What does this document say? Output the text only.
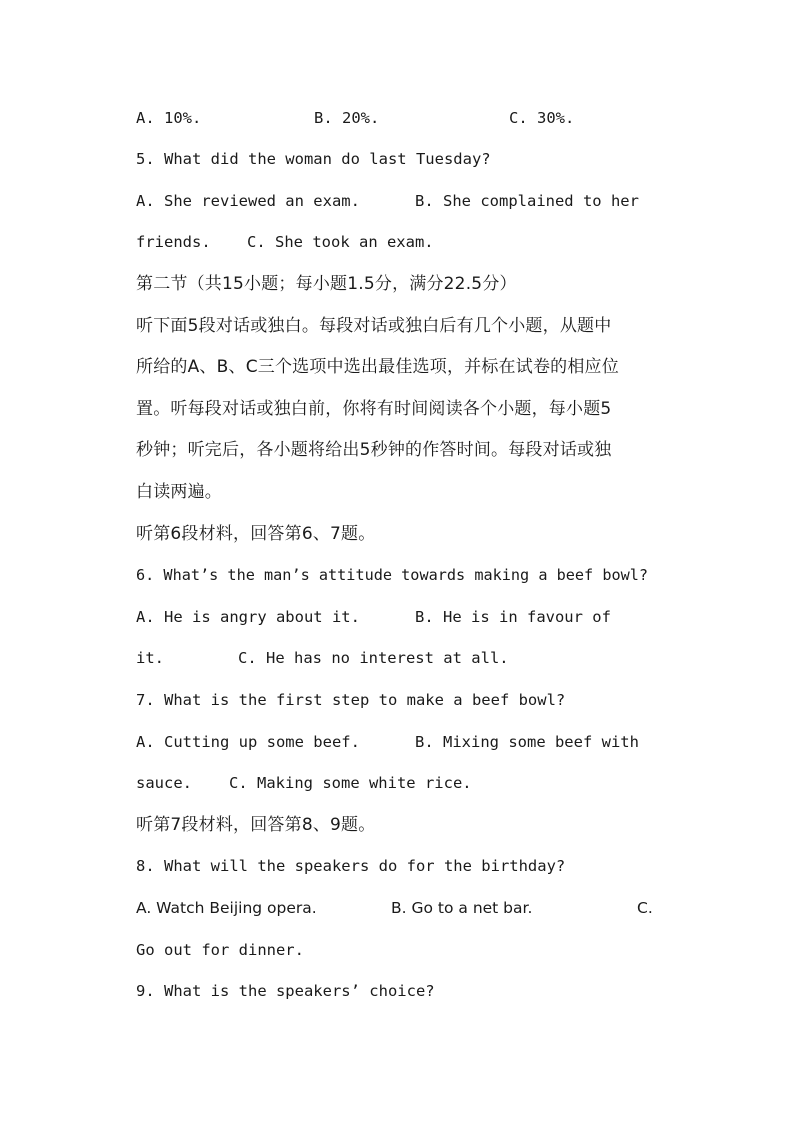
A. 10%.

	B. 20%.

	C. 30%.

5. What did the woman do last Tuesday?

A. She reviewed an exam.

	B. She complained to her

friends.

C. She took an exam.

第二节（共15小题；每小题1.5分，满分22.5分）
听下面5段对话或独白。每段对话或独白后有几个小题，从题中
所给的A、B、C三个选项中选出最佳选项，并标在试卷的相应位
置。听每段对话或独白前，你将有时间阅读各个小题，每小题5
秒钟；听完后，各小题将给出5秒钟的作答时间。每段对话或独
白读两遍。
听第6段材料，回答第6、7题。
6. What’s the man’s attitude towards making a beef bowl?

A. He is angry about it.

	B. He is in favour of

it.

	C. He has no interest at all.

7. What is the first step to make a beef bowl?

A. Cutting up some beef.

	B. Mixing some beef with

sauce.

C. Making some white rice.

听第7段材料，回答第8、9题。
8. What will the speakers do for the birthday?

A. Watch Beijing opera.

	B. Go to a net bar.

	C.

Go out for dinner.
9. What is the speakers’ choice?
